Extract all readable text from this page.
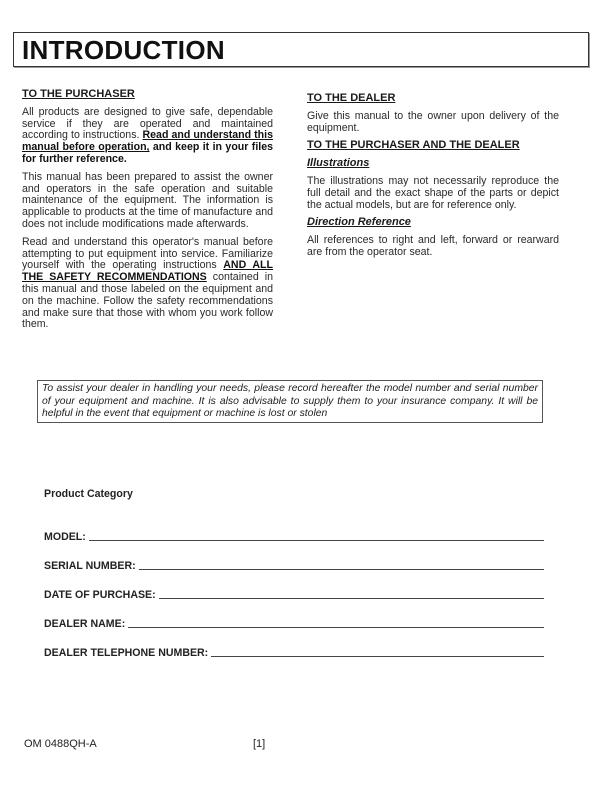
INTRODUCTION
TO THE PURCHASER

All products are designed to give safe, dependable service if they are operated and maintained according to instructions. Read and understand this manual before operation, and keep it in your files for further reference.

This manual has been prepared to assist the owner and operators in the safe operation and suitable maintenance of the equipment. The information is applicable to products at the time of manufacture and does not include modifications made afterwards.

Read and understand this operator's manual before attempting to put equipment into service. Familiarize yourself with the operating instructions AND ALL THE SAFETY RECOMMENDATIONS contained in this manual and those labeled on the equipment and on the machine. Follow the safety recommendations and make sure that those with whom you work follow them.

TO THE DEALER

Give this manual to the owner upon delivery of the equipment.

TO THE PURCHASER AND THE DEALER
Illustrations

The illustrations may not necessarily reproduce the full detail and the exact shape of the parts or depict the actual models, but are for reference only.

Direction Reference

All references to right and left, forward or rearward are from the operator seat.

To assist your dealer in handling your needs, please record hereafter the model number and serial number of your equipment and machine. It is also advisable to supply them to your insurance company. It will be helpful in the event that equipment or machine is lost or stolen
Product Category
MODEL:
SERIAL NUMBER:
DATE OF PURCHASE:
DEALER NAME:
DEALER TELEPHONE NUMBER:
OM 0488QH-A	[1]
